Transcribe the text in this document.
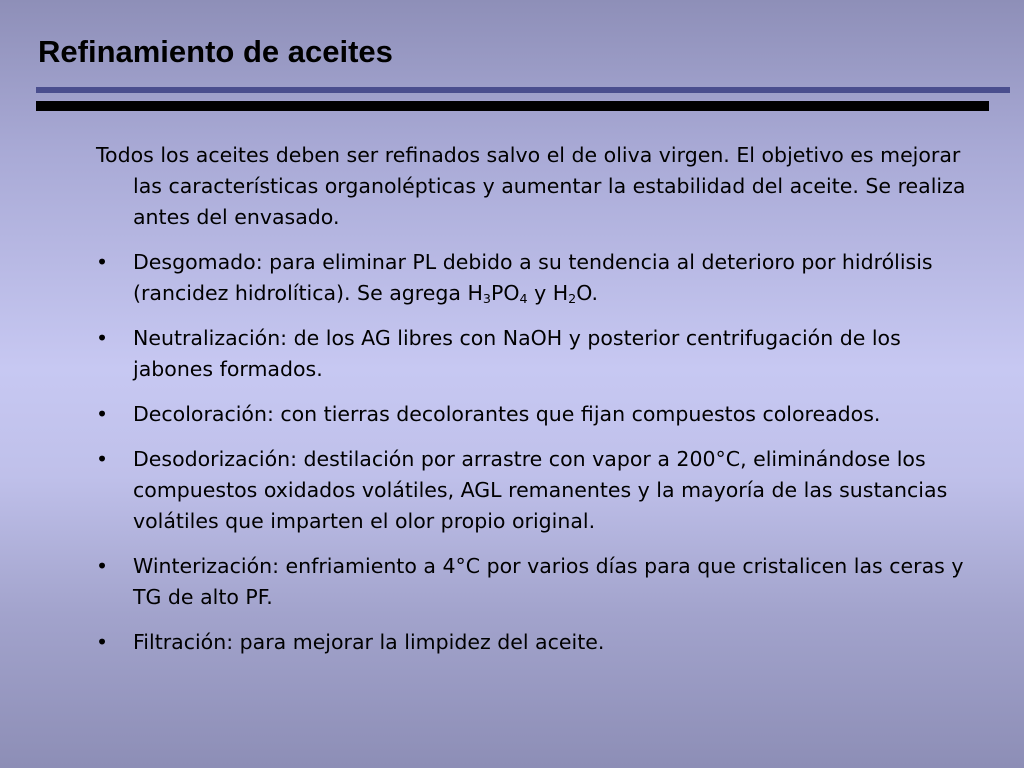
Refinamiento de aceites

Todos los aceites deben ser refinados salvo el de oliva virgen. El objetivo es mejorar las características organolépticas y aumentar la estabilidad del aceite. Se realiza antes del envasado.

•	Desgomado: para eliminar PL debido a su tendencia al deterioro por hidrólisis (rancidez hidrolítica). Se agrega $H_3PO_4$ y $H_2O$.
•	Neutralización: de los AG libres con NaOH y posterior centrifugación de los jabones formados.
•	Decoloración: con tierras decolorantes que fijan compuestos coloreados.
•	Desodorización: destilación por arrastre con vapor a 200°C, eliminándose los compuestos oxidados volátiles, AGL remanentes y la mayoría de las sustancias volátiles que imparten el olor propio original.
•	Winterización: enfriamiento a 4°C por varios días para que cristalicen las ceras y TG de alto PF.
•	Filtración: para mejorar la limpidez del aceite.
